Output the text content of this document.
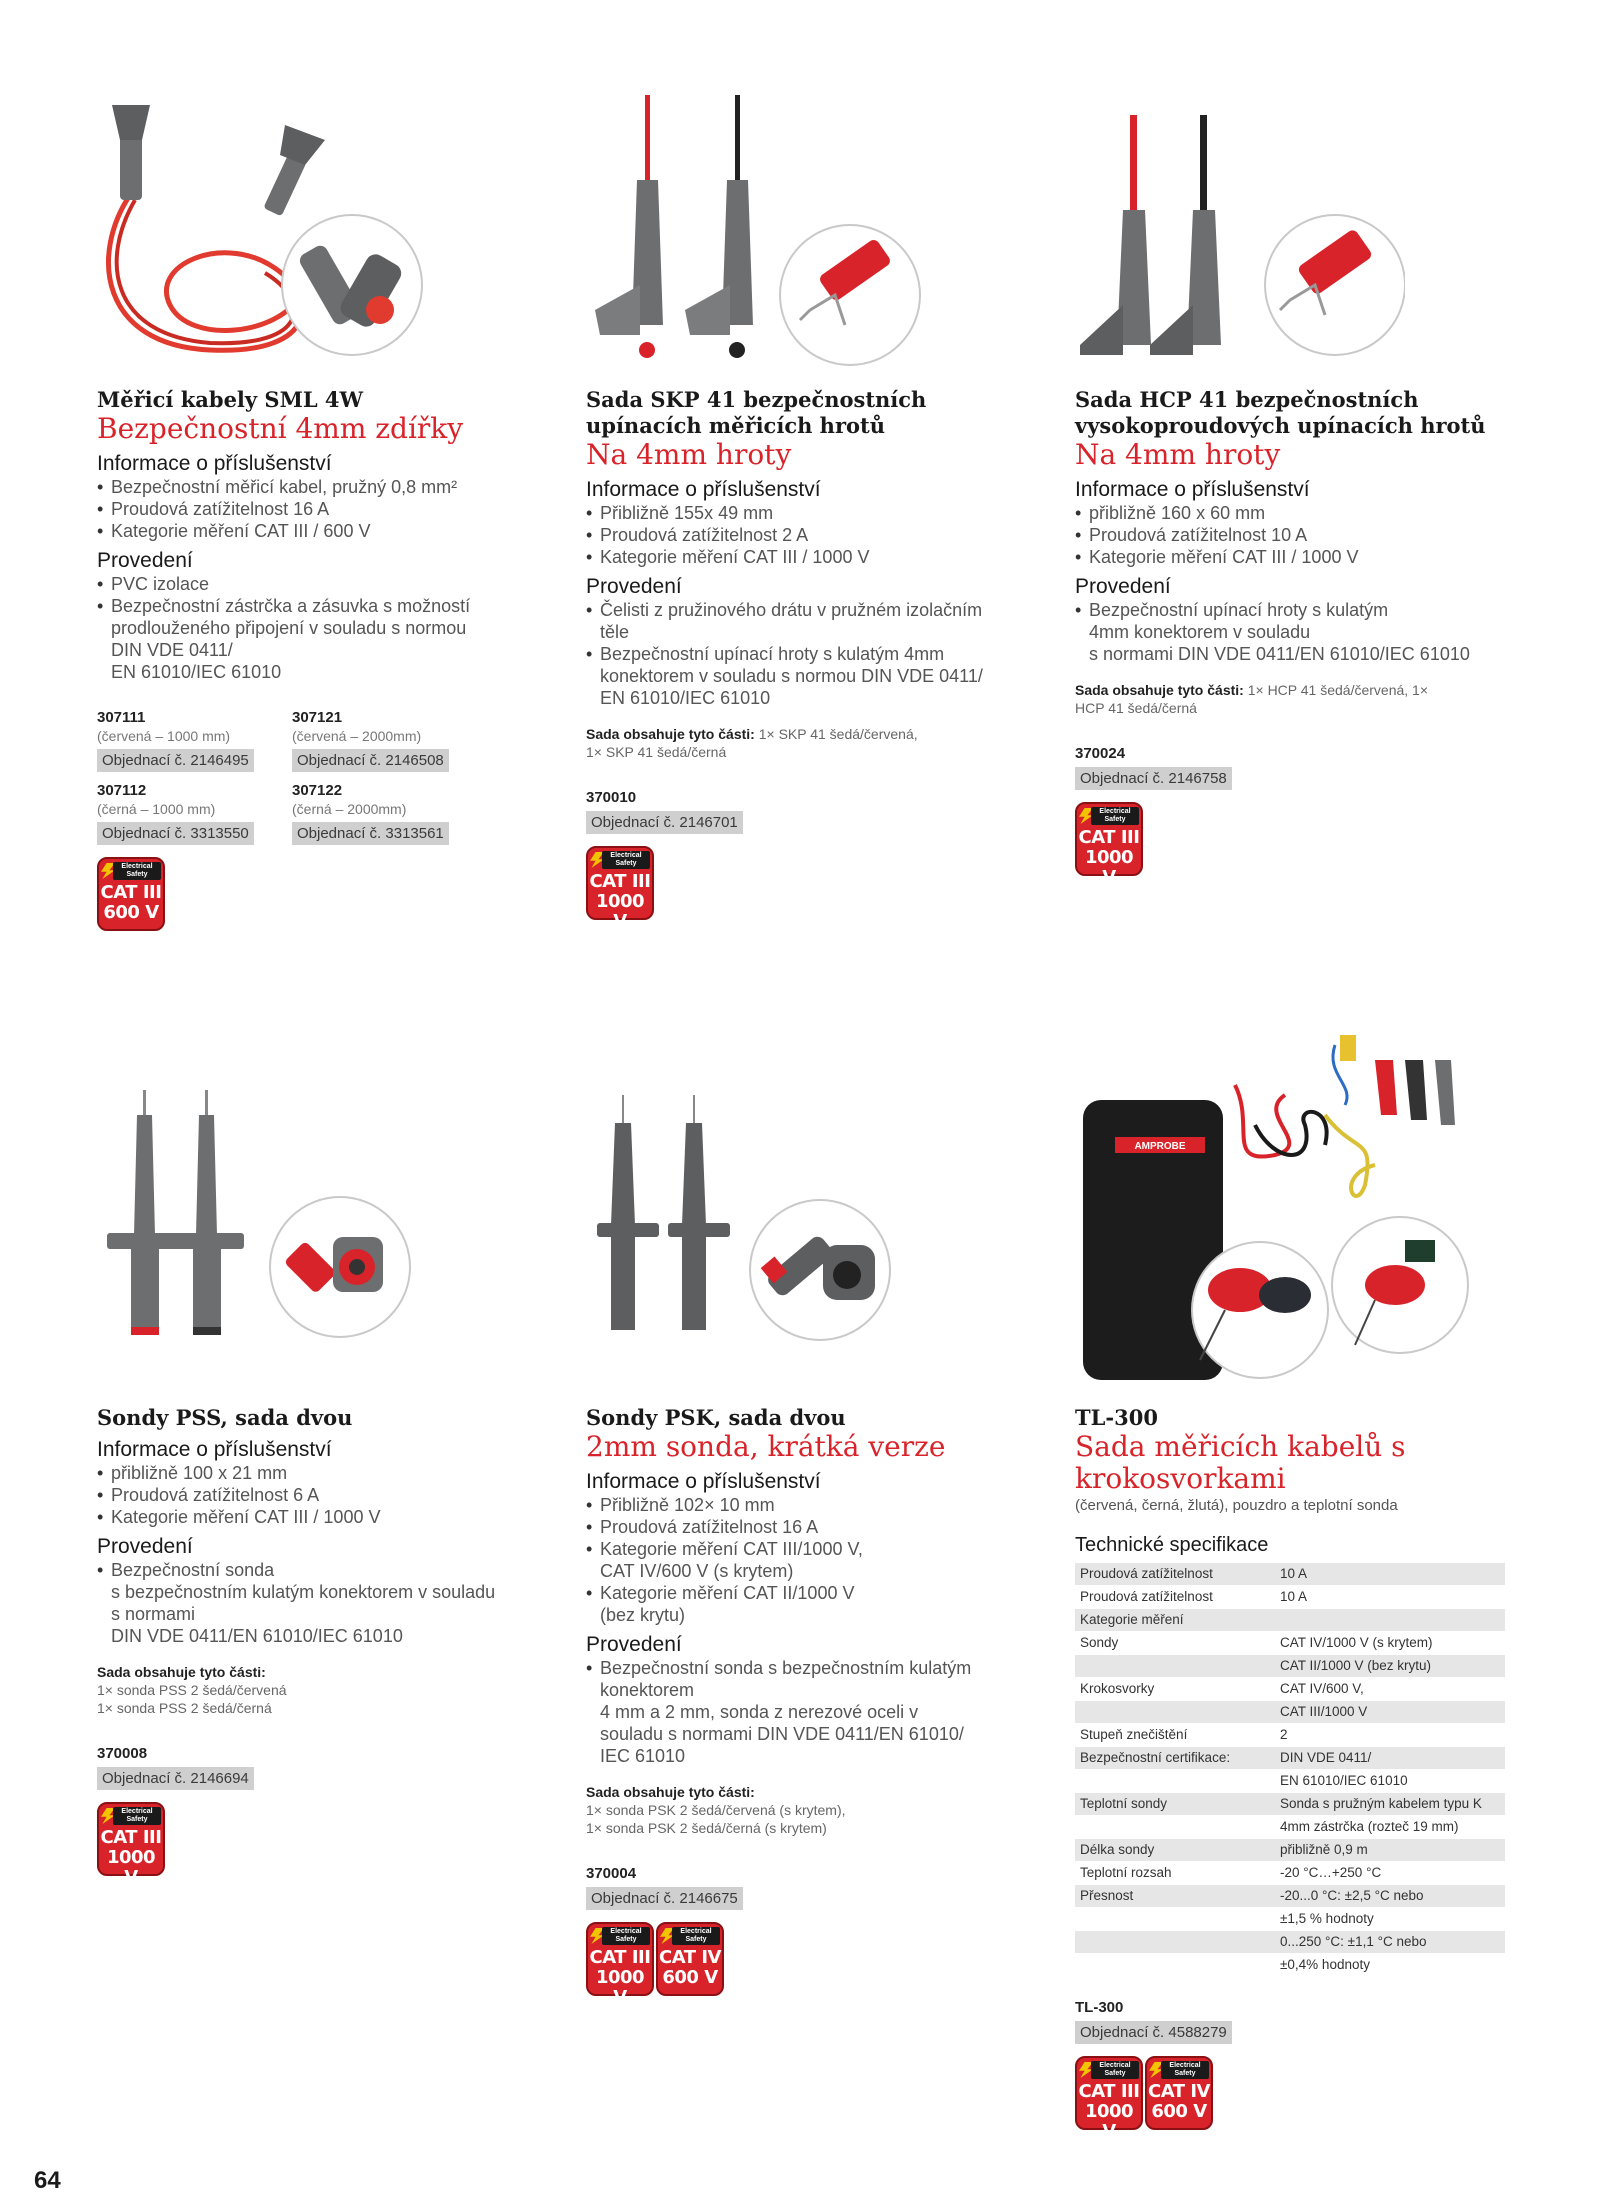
Měřicí kabely SML 4W
Bezpečnostní 4mm zdířky
Informace o příslušenství
• Bezpečnostní měřicí kabel, pružný 0,8 mm²
• Proudová zatížitelnost 16 A
• Kategorie měření CAT III / 600 V
Provedení
• PVC izolace
• Bezpečnostní zástrčka a zásuvka s možností
prodlouženého připojení v souladu s normou
DIN VDE 0411/
EN 61010/IEC 61010
307111
(červená – 1000 mm)
Objednací č. 2146495
307121
(červená – 2000mm)
Objednací č. 2146508
307112
(černá – 1000 mm)
Objednací č. 3313550
307122
(černá – 2000mm)
Objednací č. 3313561
Electrical Safety
CAT III
600 V
Sada SKP 41 bezpečnostních upínacích měřicích hrotů
Na 4mm hroty
Informace o příslušenství
• Přibližně 155x 49 mm
• Proudová zatížitelnost 2 A
• Kategorie měření CAT III / 1000 V
Provedení
• Čelisti z pružinového drátu v pružném izolačním
těle
• Bezpečnostní upínací hroty s kulatým 4mm
konektorem v souladu s normou DIN VDE 0411/
EN 61010/IEC 61010
Sada obsahuje tyto části: 1× SKP 41 šedá/červená,
1× SKP 41 šedá/černá
370010
Objednací č. 2146701
Electrical Safety
CAT III
1000 V
Sada HCP 41 bezpečnostních vysokoproudových upínacích hrotů
Na 4mm hroty
Informace o příslušenství
• přibližně 160 x 60 mm
• Proudová zatížitelnost 10 A
• Kategorie měření CAT III / 1000 V
Provedení
• Bezpečnostní upínací hroty s kulatým
4mm konektorem v souladu
s normami DIN VDE 0411/EN 61010/IEC 61010
Sada obsahuje tyto části: 1× HCP 41 šedá/červená, 1×
HCP 41 šedá/černá
370024
Objednací č. 2146758
Electrical Safety
CAT III
1000 V
Sondy PSS, sada dvou
Informace o příslušenství
• přibližně 100 x 21 mm
• Proudová zatížitelnost 6 A
• Kategorie měření CAT III / 1000 V
Provedení
• Bezpečnostní sonda
s bezpečnostním kulatým konektorem v souladu
s normami
DIN VDE 0411/EN 61010/IEC 61010
Sada obsahuje tyto části:
1× sonda PSS 2 šedá/červená
1× sonda PSS 2 šedá/černá
370008
Objednací č. 2146694
Electrical Safety
CAT III
1000 V
Sondy PSK, sada dvou
2mm sonda, krátká verze
Informace o příslušenství
• Přibližně 102× 10 mm
• Proudová zatížitelnost 16 A
• Kategorie měření CAT III/1000 V,
CAT IV/600 V (s krytem)
• Kategorie měření CAT II/1000 V
(bez krytu)
Provedení
• Bezpečnostní sonda s bezpečnostním kulatým
konektorem
4 mm a 2 mm, sonda z nerezové oceli v
souladu s normami DIN VDE 0411/EN 61010/
IEC 61010
Sada obsahuje tyto části:
1× sonda PSK 2 šedá/červená (s krytem),
1× sonda PSK 2 šedá/černá (s krytem)
370004
Objednací č. 2146675
Electrical Safety
CAT III
1000 V
Electrical Safety
CAT IV
600 V
AMPROBE
TL-300
Sada měřicích kabelů s krokosvorkami
(červená, černá, žlutá), pouzdro a teplotní sonda
Technické specifikace
Proudová zatížitelnost	10 A
Proudová zatížitelnost	10 A
Kategorie měření	
Sondy	CAT IV/1000 V (s krytem)
	CAT II/1000 V (bez krytu)
Krokosvorky	CAT IV/600 V,
	CAT III/1000 V
Stupeň znečištění	2
Bezpečnostní certifikace:	DIN VDE 0411/
	EN 61010/IEC 61010
Teplotní sondy	Sonda s pružným kabelem typu K
	4mm zástrčka (rozteč 19 mm)
Délka sondy	přibližně 0,9 m
Teplotní rozsah	-20 °C…+250 °C
Přesnost	-20...0 °C: ±2,5 °C nebo
	±1,5 % hodnoty
	0...250 °C: ±1,1 °C nebo
	±0,4% hodnoty
TL-300
Objednací č. 4588279
Electrical Safety
CAT III
1000 V
Electrical Safety
CAT IV
600 V
64
